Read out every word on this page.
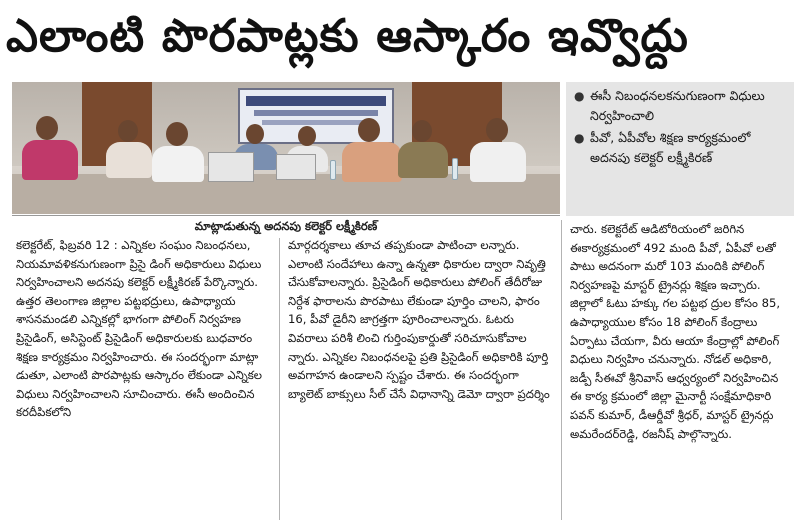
ఎలాంటి పొరపాట్లకు ఆస్కారం ఇవ్వొద్దు
మాట్లాడుతున్న అదనపు కలెక్టర్ లక్ష్మీకిరణ్
● ఈసీ నిబంధనలకనుగుణంగా విధులు నిర్వహించాలి
● పీవో, ఏపీవోల శిక్షణ కార్యక్రమంలో అదనపు కలెక్టర్ లక్ష్మీకిరణ్
కలెక్టరేట్, ఫిబ్రవరి 12 : ఎన్నికల సంఘం నిబంధనలు, నియమావళికనుగుణంగా ప్రిసై డింగ్ అధికారులు విధులు నిర్వహించాలని అదనపు కలెక్టర్ లక్ష్మీకిరణ్ పేర్కొన్నారు. ఉత్తర తెలంగాణ జిల్లాల పట్టభద్రులు, ఉపాధ్యాయ శాసనమండలి ఎన్నికల్లో భాగంగా పోలింగ్ నిర్వహణ ప్రిసైడింగ్, అసిస్టెంట్ ప్రిసైడింగ్ అధికారులకు బుధవారం శిక్షణ కార్యక్రమం నిర్వహించారు. ఈ సందర్భంగా మాట్లా డుతూ, ఎలాంటి పొరపాట్లకు ఆస్కారం లేకుండా ఎన్నికల విధులు నిర్వహించాలని సూచించారు. ఈసీ అందించిన కరదీపికలోని
మార్గదర్శకాలు తూచ తప్పకుండా పాటించా లన్నారు. ఎలాంటి సందేహాలు ఉన్నా ఉన్నతా ధికారుల ద్వారా నివృత్తి చేసుకోవాలన్నారు. ప్రిసైడింగ్ అధికారులు పోలింగ్ తేదీరోజు నిర్దేశ ఫారాలను పొరపాటు లేకుండా పూర్తిం చాలని, ఫారం 16, పీవో డైరీని జాగ్రత్తగా పూరించాలన్నారు. ఓటరు వివరాలు పరిశీ లించి గుర్తింపుకార్డుతో సరిచూసుకోవాల న్నారు. ఎన్నికల నిబంధనలపై ప్రతి ప్రిసైడింగ్ అధికారికి పూర్తి అవగాహన ఉండాలని స్పష్టం చేశారు. ఈ సందర్భంగా బ్యాలెట్ బాక్సులు సీల్ చేసే విధానాన్ని డెమో ద్వారా ప్రదర్శిం
చారు. కలెక్టరేట్ ఆడిటోరియంలో జరిగిన ఈకార్యక్రమంలో 492 మంది పీవో, ఏపీవో లతో పాటు అదనంగా మరో 103 మందికి పోలింగ్ నిర్వహణపై మాస్టర్ ట్రైనర్లు శిక్షణ ఇచ్చారు. జిల్లాలో ఓటు హక్కు గల పట్టభ ద్రుల కోసం 85, ఉపాధ్యాయుల కోసం 18 పోలింగ్ కేంద్రాలు ఏర్పాటు చేయగా, వీరు ఆయా కేంద్రాల్లో పోలింగ్ విధులు నిర్వహిం చనున్నారు. నోడల్ అధికారి, జడ్పీ సీఈవో శ్రీనివాస్ ఆధ్వర్యంలో నిర్వహించిన ఈ కార్య క్రమంలో జిల్లా మైనార్టీ సంక్షేమాధికారి పవన్ కుమార్, డీఆర్డీవో శ్రీధర్, మాస్టర్ ట్రైనర్లు అమరేందర్‌రెడ్డి, రజనీష్ పాల్గొన్నారు.
